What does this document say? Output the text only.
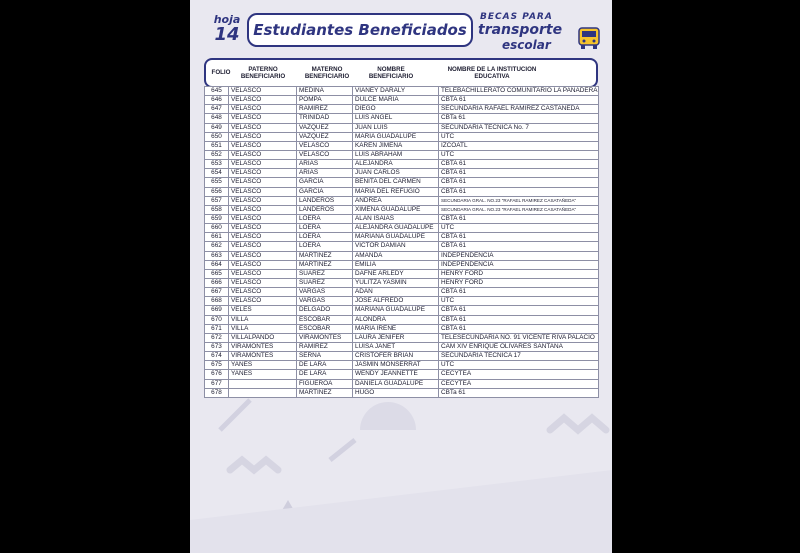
hoja
14 Estudiantes Beneficiados
BECAS PARA
transporte
escolar
FOLIO
PATERNO BENEFICIARIO
MATERNO BENEFICIARIO
NOMBRE BENEFICIARIO
NOMBRE DE LA INSTITUCION EDUCATIVA
645	VELASCO	MEDINA	VIANEY DARALY	TELEBACHILLERATO COMUNITARIO LA PANADERA
646	VELASCO	POMPA	DULCE MARIA	CBTA 61
647	VELASCO	RAMIREZ	DIEGO	SECUNDARIA RAFAEL RAMIREZ CASTAÑEDA
648	VELASCO	TRINIDAD	LUIS ANGEL	CBTa 61
649	VELASCO	VAZQUEZ	JUAN LUIS	SECUNDARIA TECNICA No. 7
650	VELASCO	VAZQUEZ	MARIA GUADALUPE	UTC
651	VELASCO	VELASCO	KAREN JIMENA	IZCOATL
652	VELASCO	VELASCO	LUIS ABRAHAM	UTC
653	VELASCO	ARIAS	ALEJANDRA	CBTA 61
654	VELASCO	ARIAS	JUAN CARLOS	CBTA 61
655	VELASCO	GARCIA	BENITA DEL CARMEN	CBTA 61
656	VELASCO	GARCIA	MARIA DEL REFUGIO	CBTA 61
657	VELASCO	LANDEROS	ANDREA	SECUNDARIA GRAL. NO.23 "RAFAEL RAMIREZ CASATAÑEDA"
658	VELASCO	LANDEROS	XIMENA GUADALUPE	SECUNDARIA GRAL. NO.23 "RAFAEL RAMIREZ CASATAÑEDA"
659	VELASCO	LOERA	ALAN ISAIAS	CBTA 61
660	VELASCO	LOERA	ALEJANDRA GUADALUPE	UTC
661	VELASCO	LOERA	MARIANA GUADALUPE	CBTA 61
662	VELASCO	LOERA	VICTOR DAMIAN	CBTA 61
663	VELASCO	MARTINEZ	AMANDA	INDEPENDENCIA
664	VELASCO	MARTINEZ	EMILIA	INDEPENDENCIA
665	VELASCO	SUAREZ	DAFNE ARLEDY	HENRY FORD
666	VELASCO	SUAREZ	YULITZA YASMIN	HENRY FORD
667	VELASCO	VARGAS	ADAN	CBTA 61
668	VELASCO	VARGAS	JOSE ALFREDO	UTC
669	VELES	DELGADO	MARIANA GUADALUPE	CBTA 61
670	VILLA	ESCOBAR	ALONDRA	CBTA 61
671	VILLA	ESCOBAR	MARIA IRENE	CBTA 61
672	VILLALPANDO	VIRAMONTES	LAURA JENIFER	TELESECUNDARIA NO. 91 VICENTE RIVA PALACIO
673	VIRAMONTES	RAMIREZ	LUISA JANET	CAM XIV ENRIQUE OLIVARES SANTANA
674	VIRAMONTES	SERNA	CRISTOFER BRIAN	SECUNDARIA TECNICA 17
675	YAÑES	DE LARA	JASMIN MONSERRAT	UTC
676	YAÑES	DE LARA	WENDY JEANNETTE	CECYTEA
677		FIGUEROA	DANIELA GUADALUPE	CECYTEA
678		MARTINEZ	HUGO	CBTa 61
